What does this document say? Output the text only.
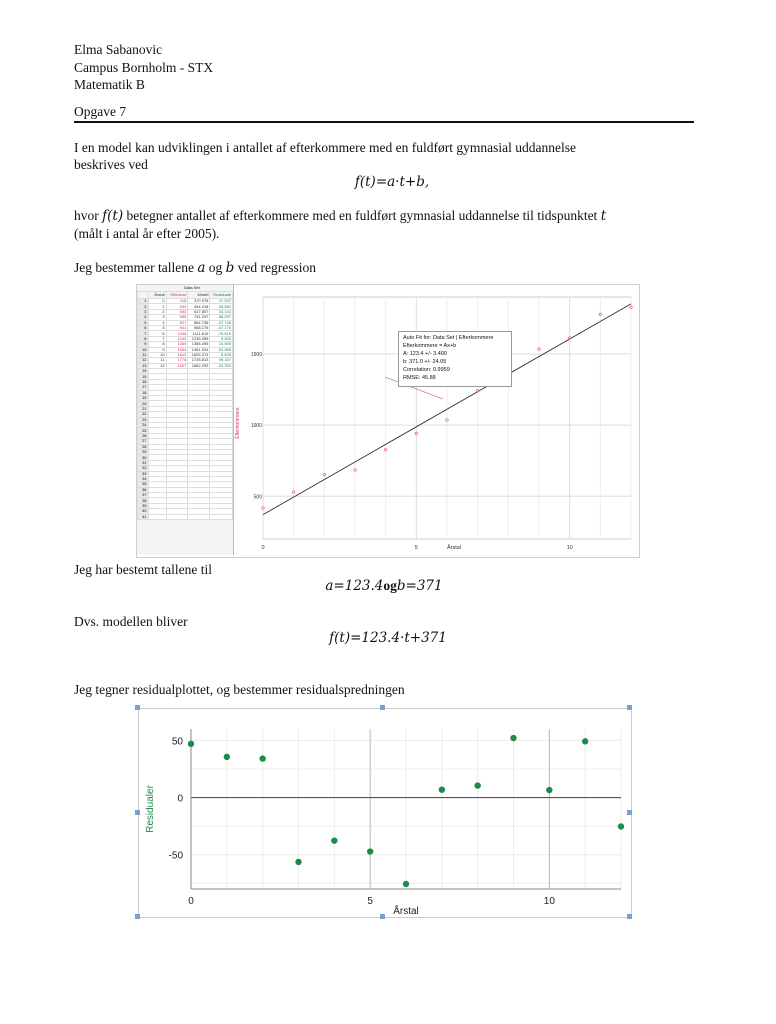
Elma Sabanovic
Campus Bornholm - STX
Matematik B
Opgave 7
I en model kan udviklingen i antallet af efterkommere med en fuldført gymnasial uddannelse
beskrives ved
f(t)=a·t+b,
hvor f(t) betegner antallet af efterkommere med en fuldført gymnasial uddannelse til tidspunktet t
(målt i antal år efter 2005).
Jeg bestemmer tallene a og b ved regression
Data Set
	Årstal	Efterkom	Model	Residuale
1	0	418	370.978	47.022
2	1	530	494.418	35.582
3	2	652	617.857	34.143
4	3	685	741.297	-56.297
5	4	827	864.736	-37.736
6	5	941	988.176	-47.176
7	6	1036	1111.615	-75.615
8	7	1242	1235.055	6.945
9	8	1369	1358.495	10.505
10	9	1534	1481.934	52.066
11	10	1612	1605.374	6.626
12	11	1778	1728.813	49.187
13	12	1827	1852.253	-25.253
14				
15				
16				
17				
18				
19				
20				
21				
22				
23				
24				
25				
26				
27				
28				
29				
30				
31				
32				
33				
34				
35				
36				
37				
38				
39				
40				
41				
0	5	10
500
1000
1500
Efterkommere
Årstal
Auto Fit for: Data Set | Efterkommere
Efterkommere = Ax+b
A: 123.4 +/- 3.400
b: 371.0 +/- 24.05
Correlation: 0.9959
RMSE: 45.88
Jeg har bestemt tallene til
a=123.4ogb=371
Dvs. modellen bliver
f(t)=123.4·t+371
Jeg tegner residualplottet, og bestemmer residualspredningen
0	5	10
50
0
-50
Årstal
Residualer
